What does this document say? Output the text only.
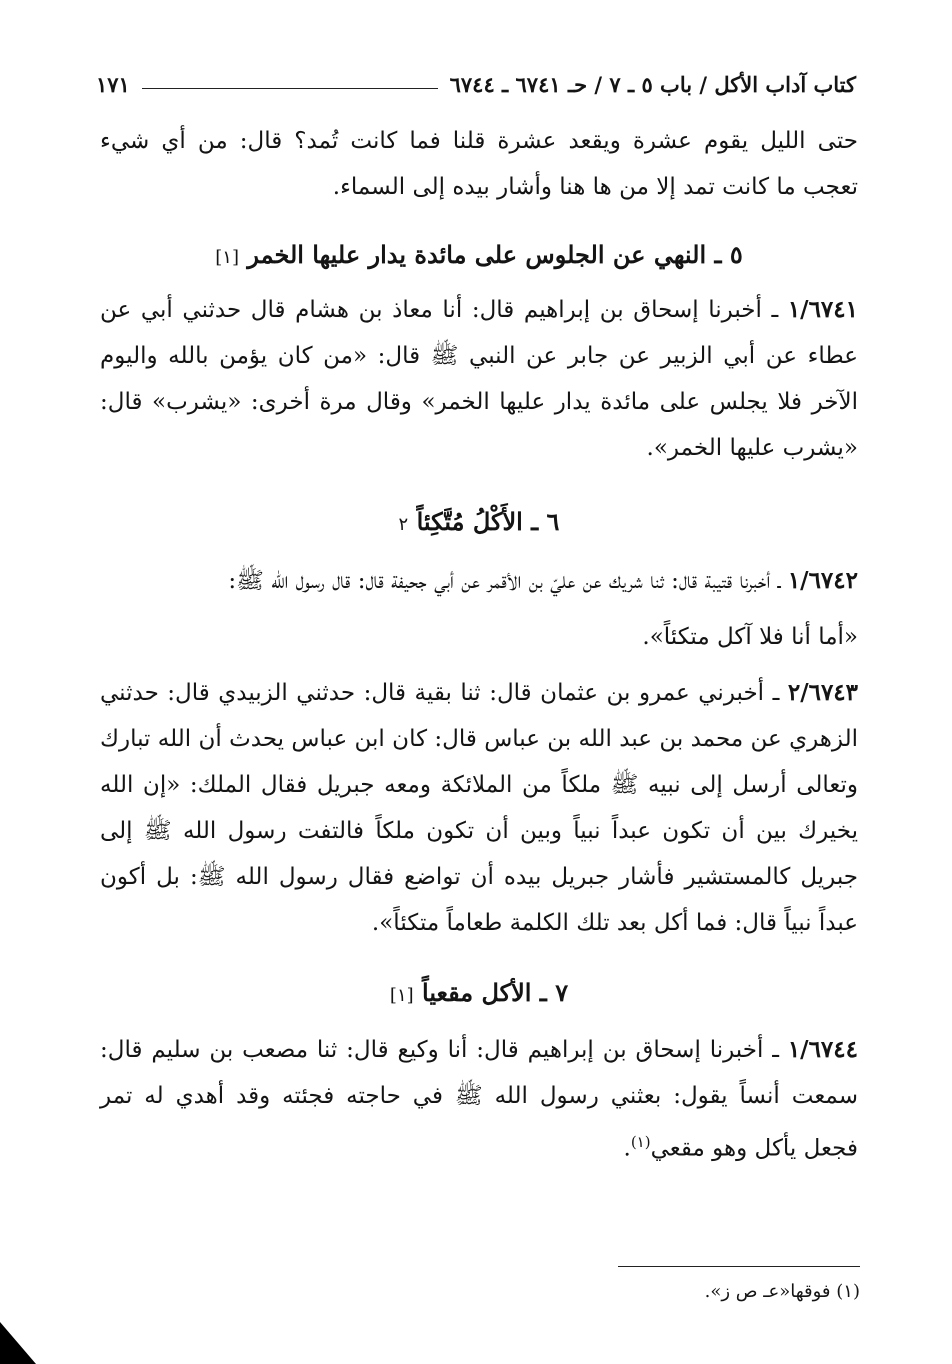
كتاب آداب الأكل / باب ٥ ـ ٧ / حـ ٦٧٤١ ـ ٦٧٤٤
١٧١

حتى الليل يقوم عشرة ويقعد عشرة قلنا فما كانت تُمد؟ قال: من أي شيء تعجب ما كانت تمد إلا من ها هنا وأشار بيده إلى السماء.

٥ ـ النهي عن الجلوس على مائدة يدار عليها الخمر [١]

١/٦٧٤١ ـ أخبرنا إسحاق بن إبراهيم قال: أنا معاذ بن هشام قال حدثني أبي عن عطاء عن أبي الزبير عن جابر عن النبي ﷺ قال: «من كان يؤمن بالله واليوم الآخر فلا يجلس على مائدة يدار عليها الخمر» وقال مرة أخرى: «يشرب» قال: «يشرب عليها الخمر».

٦ ـ الأَكْلُ مُتَّكِئاً ٢

١/٦٧٤٢ ـ أخبرنا قتيبة قال: ثنا شريك عن عليّ بن الأقمر عن أبي جحيفة قال: قال رسول الله ﷺ:

«أما أنا فلا آكل متكئاً».

٢/٦٧٤٣ ـ أخبرني عمرو بن عثمان قال: ثنا بقية قال: حدثني الزبيدي قال: حدثني الزهري عن محمد بن عبد الله بن عباس قال: كان ابن عباس يحدث أن الله تبارك وتعالى أرسل إلى نبيه ﷺ ملكاً من الملائكة ومعه جبريل فقال الملك: «إن الله يخيرك بين أن تكون عبداً نبياً وبين أن تكون ملكاً فالتفت رسول الله ﷺ إلى جبريل كالمستشير فأشار جبريل بيده أن تواضع فقال رسول الله ﷺ: بل أكون عبداً نبياً قال: فما أكل بعد تلك الكلمة طعاماً متكئاً».

٧ ـ الأكل مقعياً [١]

١/٦٧٤٤ ـ أخبرنا إسحاق بن إبراهيم قال: أنا وكيع قال: ثنا مصعب بن سليم قال: سمعت أنساً يقول: بعثني رسول الله ﷺ في حاجته فجئته وقد أهدي له تمر فجعل يأكل وهو مقعي$^{(١)}$.

(١) فوقها«عـ ص ز».
